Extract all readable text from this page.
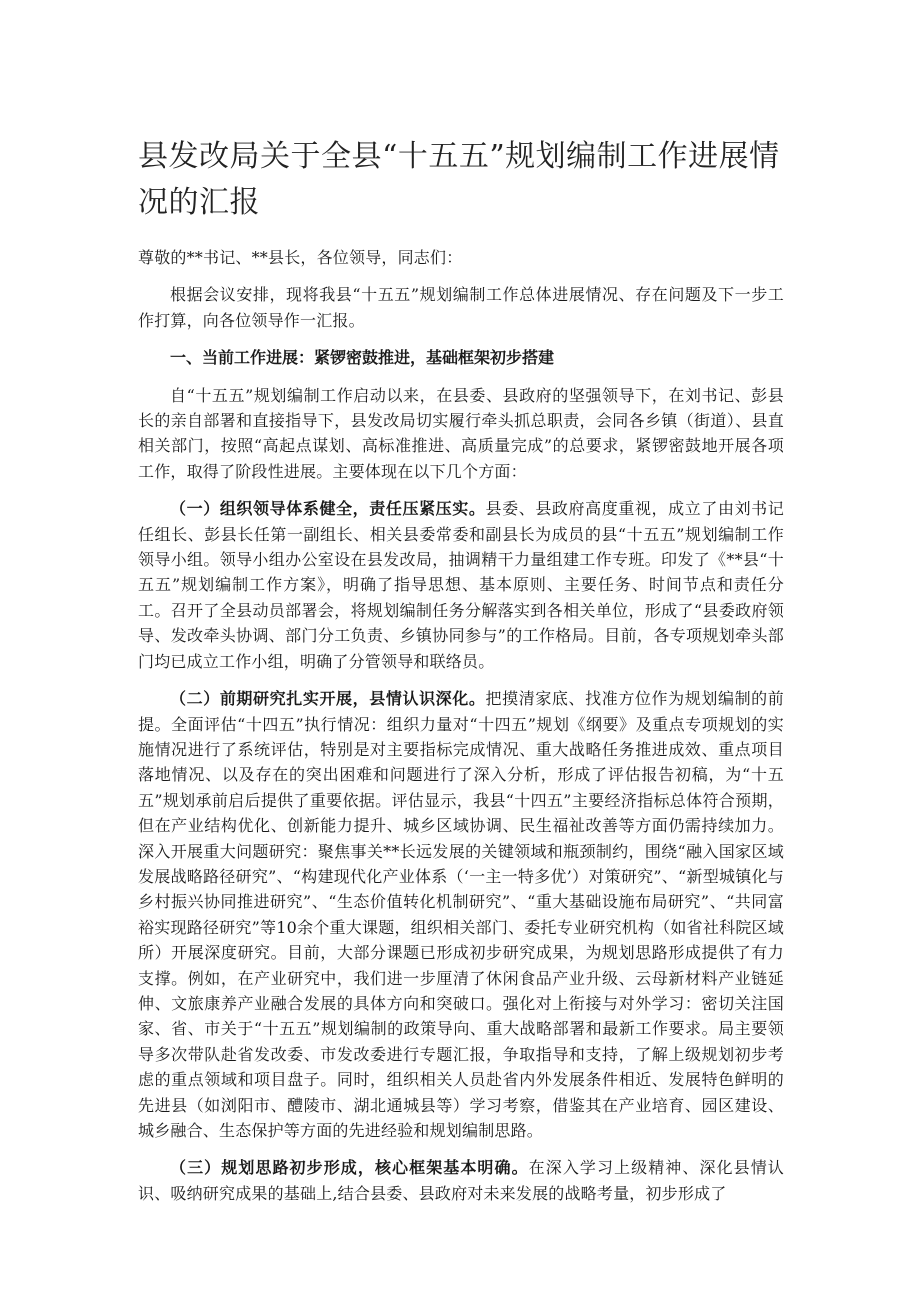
县发改局关于全县“十五五”规划编制工作进展情况的汇报

尊敬的**书记、**县长，各位领导，同志们：

根据会议安排，现将我县“十五五”规划编制工作总体进展情况、存在问题及下一步工作打算，向各位领导作一汇报。

一、当前工作进展：紧锣密鼓推进，基础框架初步搭建

自“十五五”规划编制工作启动以来，在县委、县政府的坚强领导下，在刘书记、彭县长的亲自部署和直接指导下，县发改局切实履行牵头抓总职责，会同各乡镇（街道）、县直相关部门，按照“高起点谋划、高标准推进、高质量完成”的总要求，紧锣密鼓地开展各项工作，取得了阶段性进展。主要体现在以下几个方面：

（一）组织领导体系健全，责任压紧压实。县委、县政府高度重视，成立了由刘书记任组长、彭县长任第一副组长、相关县委常委和副县长为成员的县“十五五”规划编制工作领导小组。领导小组办公室设在县发改局，抽调精干力量组建工作专班。印发了《**县“十五五”规划编制工作方案》，明确了指导思想、基本原则、主要任务、时间节点和责任分工。召开了全县动员部署会，将规划编制任务分解落实到各相关单位，形成了“县委政府领导、发改牵头协调、部门分工负责、乡镇协同参与”的工作格局。目前，各专项规划牵头部门均已成立工作小组，明确了分管领导和联络员。

（二）前期研究扎实开展，县情认识深化。把摸清家底、找准方位作为规划编制的前提。全面评估“十四五”执行情况：组织力量对“十四五”规划《纲要》及重点专项规划的实施情况进行了系统评估，特别是对主要指标完成情况、重大战略任务推进成效、重点项目落地情况、以及存在的突出困难和问题进行了深入分析，形成了评估报告初稿，为“十五五”规划承前启后提供了重要依据。评估显示，我县“十四五”主要经济指标总体符合预期，但在产业结构优化、创新能力提升、城乡区域协调、民生福祉改善等方面仍需持续加力。深入开展重大问题研究：聚焦事关**长远发展的关键领域和瓶颈制约，围绕“融入国家区域发展战略路径研究”、“构建现代化产业体系（‘一主一特多优’）对策研究”、“新型城镇化与乡村振兴协同推进研究”、“生态价值转化机制研究”、“重大基础设施布局研究”、“共同富裕实现路径研究”等10余个重大课题，组织相关部门、委托专业研究机构（如省社科院区域所）开展深度研究。目前，大部分课题已形成初步研究成果，为规划思路形成提供了有力支撑。例如，在产业研究中，我们进一步厘清了休闲食品产业升级、云母新材料产业链延伸、文旅康养产业融合发展的具体方向和突破口。强化对上衔接与对外学习：密切关注国家、省、市关于“十五五”规划编制的政策导向、重大战略部署和最新工作要求。局主要领导多次带队赴省发改委、市发改委进行专题汇报，争取指导和支持，了解上级规划初步考虑的重点领域和项目盘子。同时，组织相关人员赴省内外发展条件相近、发展特色鲜明的先进县（如浏阳市、醴陵市、湖北通城县等）学习考察，借鉴其在产业培育、园区建设、城乡融合、生态保护等方面的先进经验和规划编制思路。

（三）规划思路初步形成，核心框架基本明确。在深入学习上级精神、深化县情认识、吸纳研究成果的基础上,结合县委、县政府对未来发展的战略考量，初步形成了
